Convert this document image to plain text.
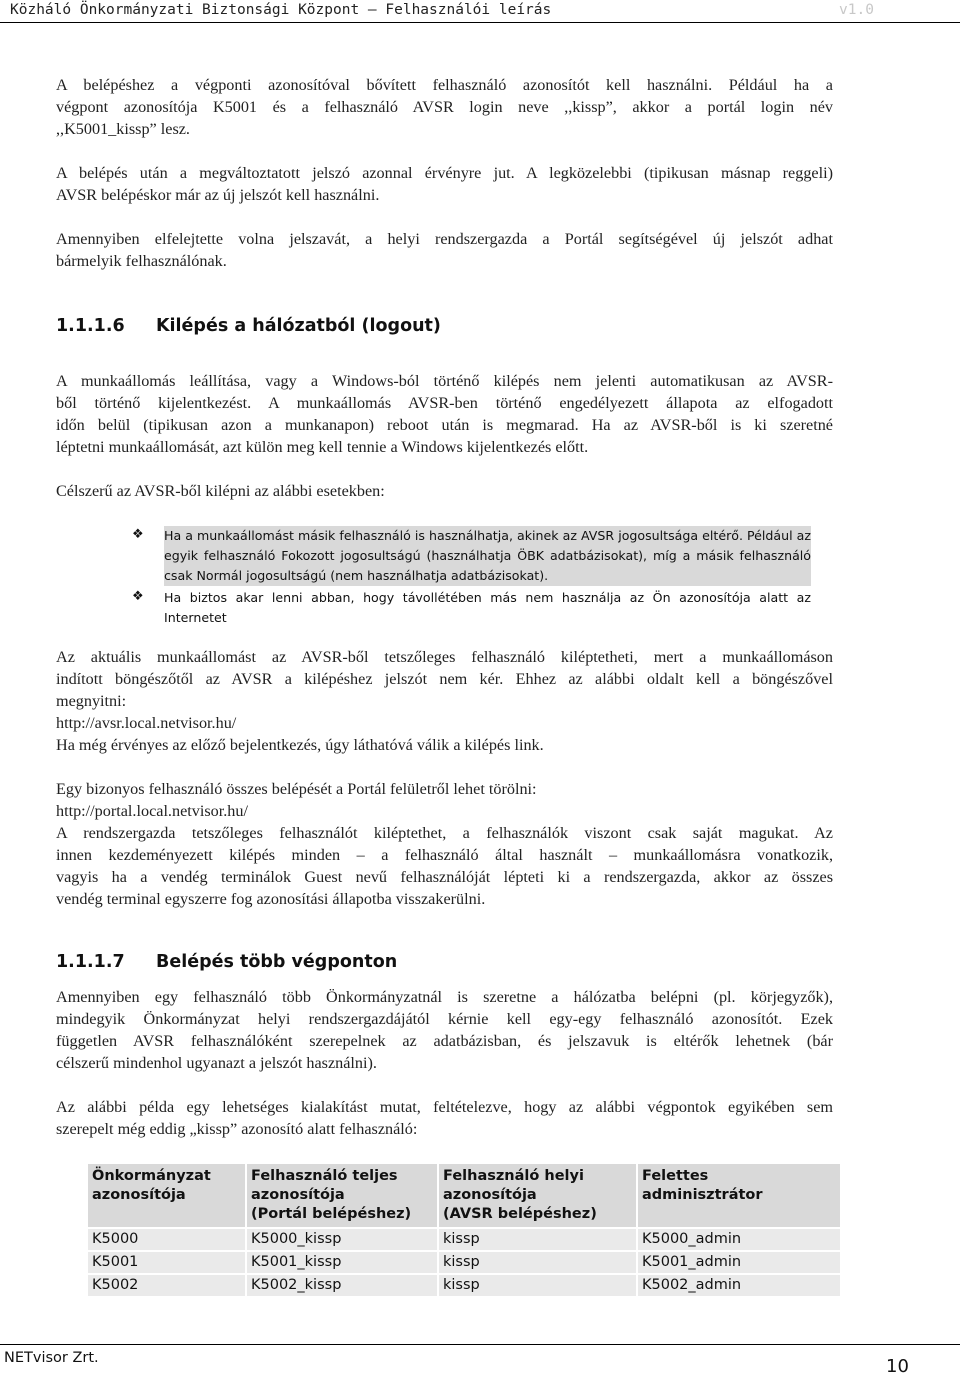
Közháló Önkormányzati Biztonsági Központ – Felhasználói leírás	v1.0
A belépéshez a végponti azonosítóval bővített felhasználó azonosítót kell használni. Például ha a
végpont azonosítója K5001 és a felhasználó AVSR login neve ,,kissp”, akkor a portál login név
,,K5001_kissp” lesz.
A belépés után a megváltoztatott jelszó azonnal érvényre jut. A legközelebbi (tipikusan másnap reggeli)
AVSR belépéskor már az új jelszót kell használni.
Amennyiben elfelejtette volna jelszavát, a helyi rendszergazda a Portál segítségével új jelszót adhat
bármelyik felhasználónak.
1.1.1.6 Kilépés a hálózatból (logout)
A munkaállomás leállítása, vagy a Windows-ból történő kilépés nem jelenti automatikusan az AVSR-
ből történő kijelentkezést. A munkaállomás AVSR-ben történő engedélyezett állapota az elfogadott
időn belül (tipikusan azon a munkanapon) reboot után is megmarad. Ha az AVSR-ből is ki szeretné
léptetni munkaállomását, azt külön meg kell tennie a Windows kijelentkezés előtt.
Célszerű az AVSR-ből kilépni az alábbi esetekben:
❖ Ha a munkaállomást másik felhasználó is használhatja, akinek az AVSR jogosultsága eltérő. Például az
egyik felhasználó Fokozott jogosultságú (használhatja ÖBK adatbázisokat), míg a másik felhasználó
csak Normál jogosultságú (nem használhatja adatbázisokat).
❖ Ha biztos akar lenni abban, hogy távollétében más nem használja az Ön azonosítója alatt az
Internetet
Az aktuális munkaállomást az AVSR-ből tetszőleges felhasználó kiléptetheti, mert a munkaállomáson
indított böngészőtől az AVSR a kilépéshez jelszót nem kér. Ehhez az alábbi oldalt kell a böngészővel
megnyitni:
http://avsr.local.netvisor.hu/
Ha még érvényes az előző bejelentkezés, úgy láthatóvá válik a kilépés link.
Egy bizonyos felhasználó összes belépését a Portál felületről lehet törölni:
http://portal.local.netvisor.hu/
A rendszergazda tetszőleges felhasználót kiléptethet, a felhasználók viszont csak saját magukat. Az
innen kezdeményezett kilépés minden – a felhasználó által használt – munkaállomásra vonatkozik,
vagyis ha a vendég terminálok Guest nevű felhasználóját lépteti ki a rendszergazda, akkor az összes
vendég terminal egyszerre fog azonosítási állapotba visszakerülni.
1.1.1.7 Belépés több végponton
Amennyiben egy felhasználó több Önkormányzatnál is szeretne a hálózatba belépni (pl. körjegyzők),
mindegyik Önkormányzat helyi rendszergazdájától kérnie kell egy-egy felhasználó azonosítót. Ezek
független AVSR felhasználóként szerepelnek az adatbázisban, és jelszavuk is eltérők lehetnek (bár
célszerű mindenhol ugyanazt a jelszót használni).
Az alábbi példa egy lehetséges kialakítást mutat, feltételezve, hogy az alábbi végpontok egyikében sem
szerepelt még eddig „kissp” azonosító alatt felhasználó:
Önkormányzat
azonosítója	Felhasználó teljes
azonosítója
(Portál belépéshez)	Felhasználó helyi
azonosítója
(AVSR belépéshez)	Felettes
adminisztrátor

K5000	K5000_kissp	kissp	K5000_admin
K5001	K5001_kissp	kissp	K5001_admin
K5002	K5002_kissp	kissp	K5002_admin
NETvisor Zrt.	10
